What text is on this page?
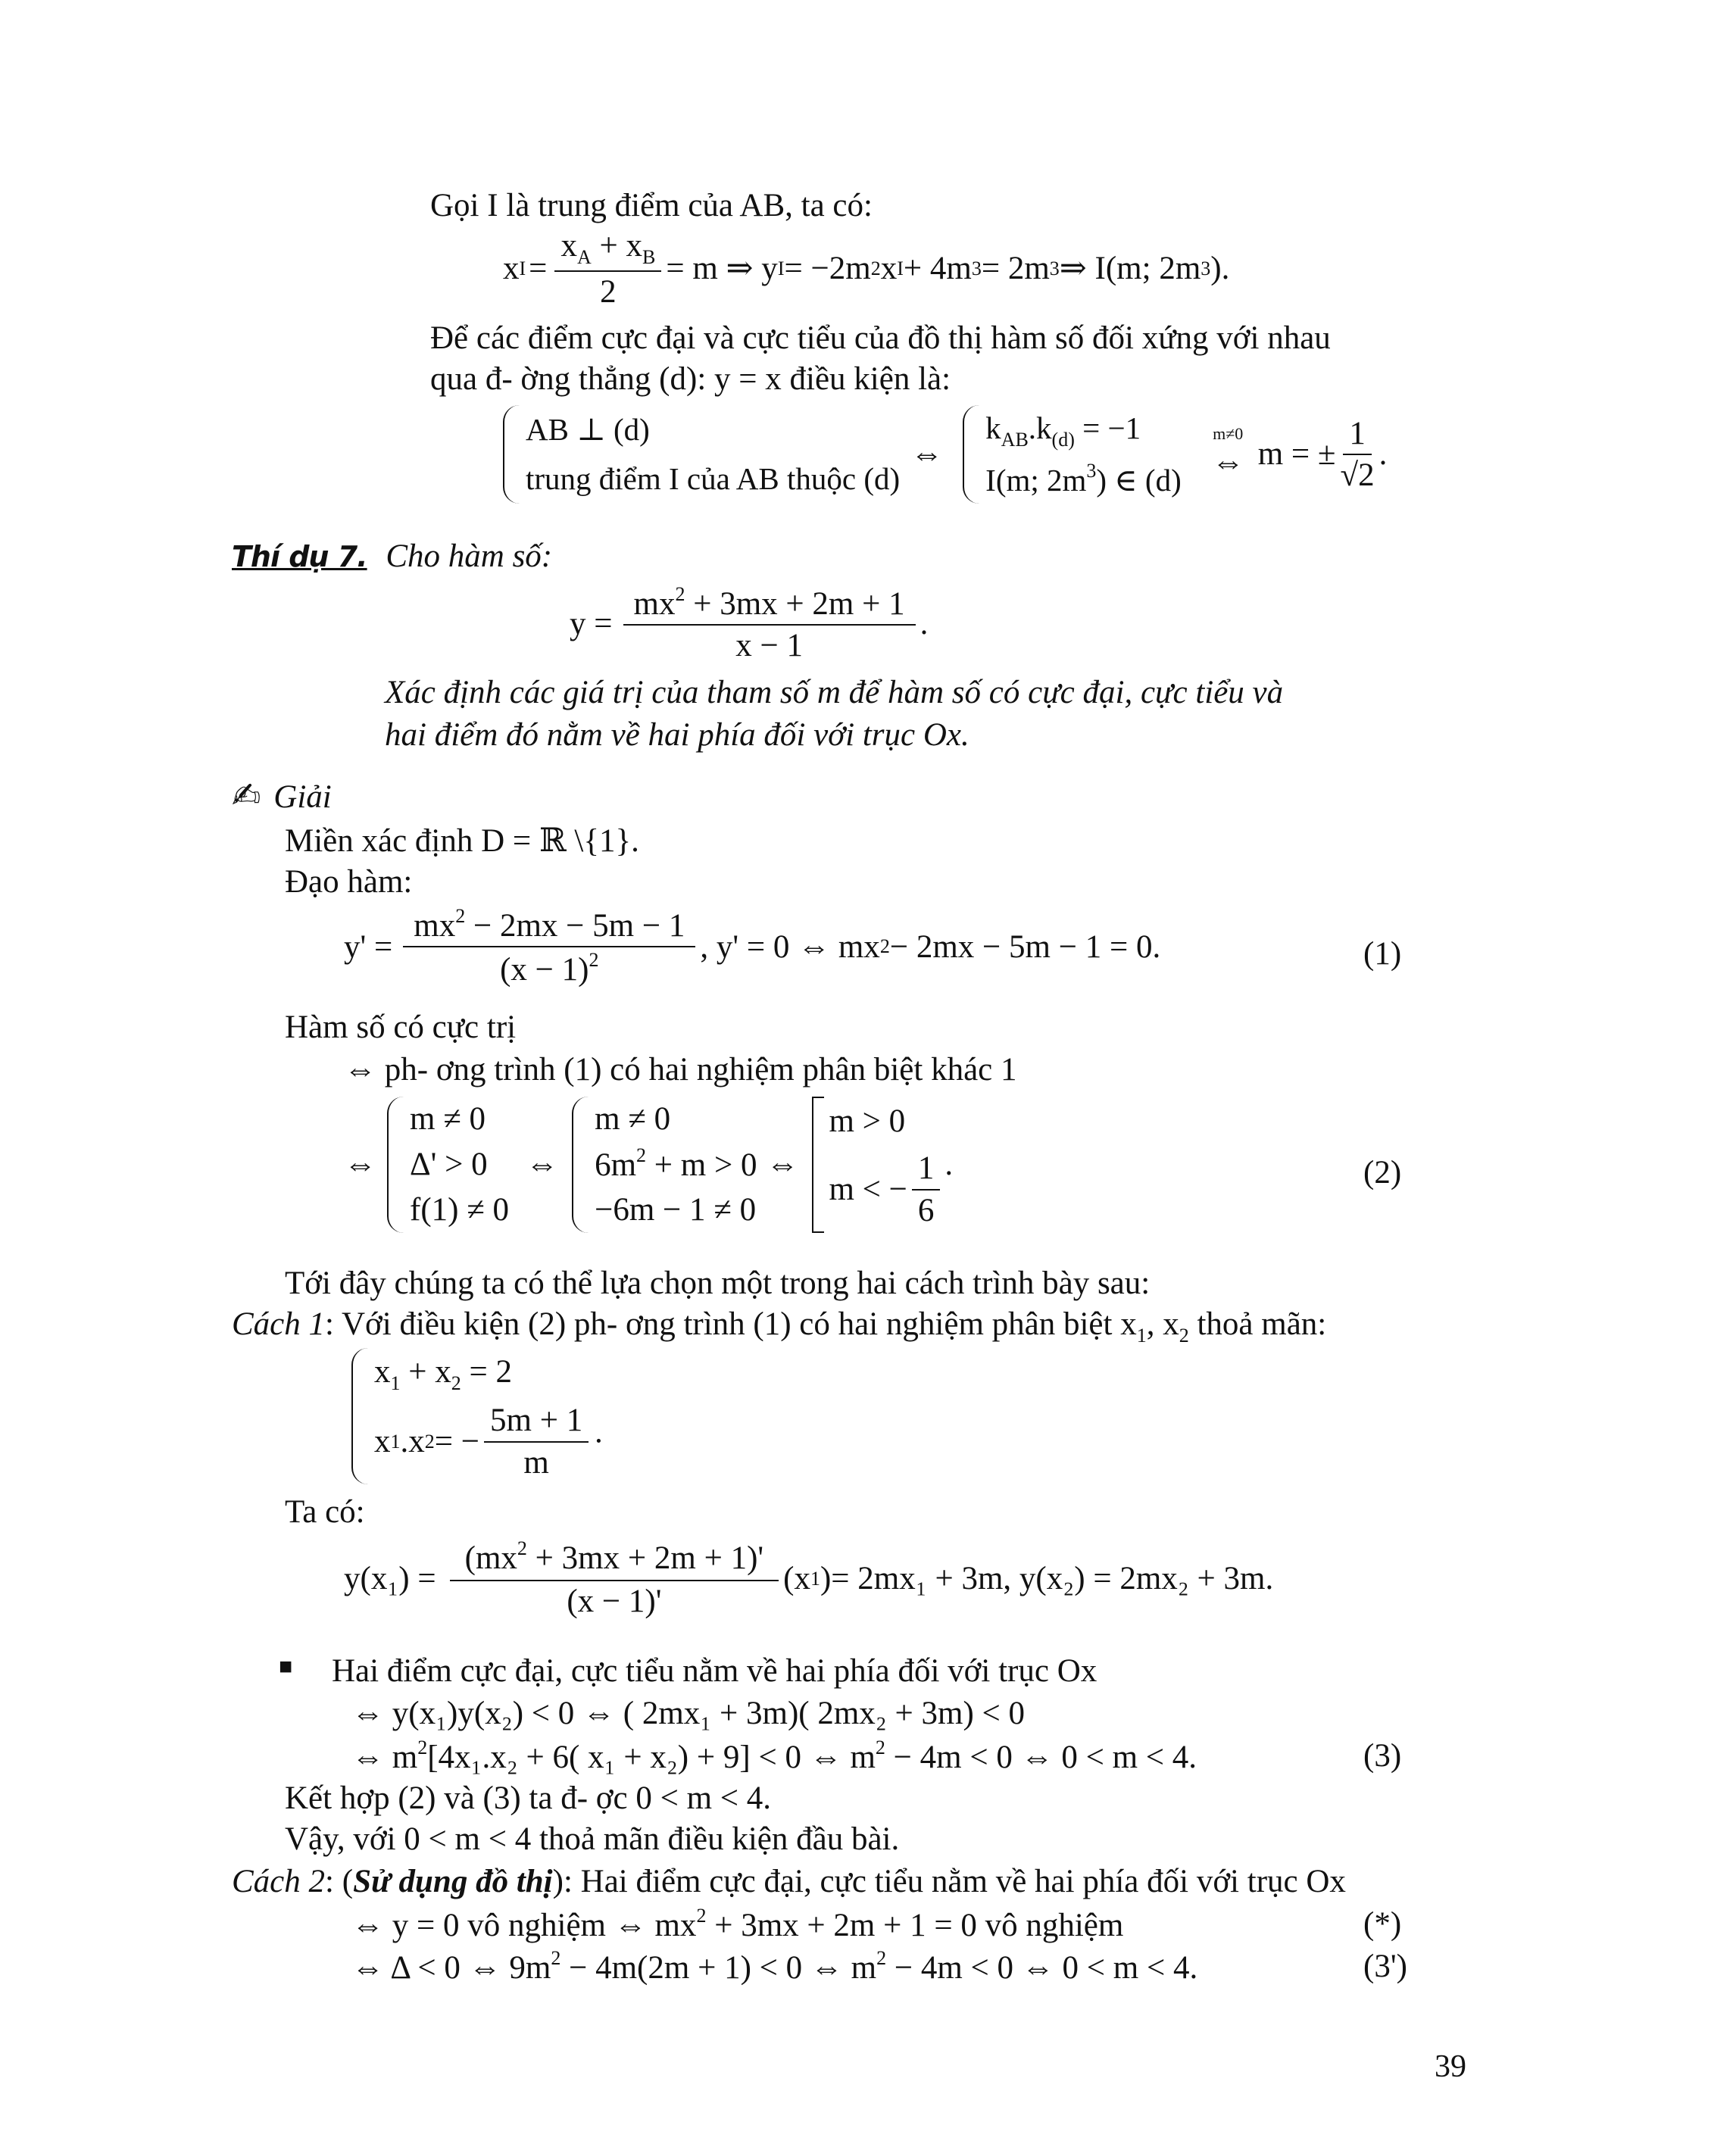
Gọi I là trung điểm của AB, ta có:
x $I = \frac{x_A + x_B}{2} = m$ ⇒ y I = −2m 2 x I + 4m 3 = 2m 3 ⇒ I(m; 2m 3 ).
Để các điểm cực đại và cực tiểu của đồ thị hàm số đối xứng với nhau
qua đ- ờng thẳng (d): y = x điều kiện là:
AB ⊥ (d)
trung điểm I của AB thuộc (d)
⇔
$k_{AB}.k_{(d)} = -1$
I(m; $2m^3$) ∈ (d)
m≠0
⇔ m = ± $\frac{1}{√2}$ .
Thí dụ 7. Cho hàm số:
$y = \frac{mx^2 + 3mx + 2m + 1}{x - 1}$ .
Xác định các giá trị của tham số m để hàm số có cực đại, cực tiểu và
hai điểm đó nằm về hai phía đối với trục Ox.
✍ Giải
Miền xác định D = ℝ \{1}.
Đạo hàm:
$y' = \frac{mx^2 - 2mx - 5m - 1}{(x - 1)^2}$ , y' = 0 ⇔ mx 2 − 2mx − 5m − 1 = 0.	(1)
Hàm số có cực trị
⇔ ph- ơng trình (1) có hai nghiệm phân biệt khác 1
⇔
m ≠ 0
Δ' > 0
f(1) ≠ 0
⇔
m ≠ 0
$6m^2 + m > 0$
−6m − 1 ≠ 0
⇔
m > 0
m < − $\frac{1}{6}$ .	(2)
Tới đây chúng ta có thể lựa chọn một trong hai cách trình bày sau:
Cách 1: Với điều kiện (2) ph- ơng trình (1) có hai nghiệm phân biệt $x_1$, $x_2$ thoả mãn:
$x_1 + x_2 = 2$
x 1 .x 2 = − $\frac{5m + 1}{m}$ ·
Ta có:
$y(x_1) = \frac{(mx^2 + 3mx + 2m + 1)'}{(x - 1)'} (x$ 1 ) = 2mx₁ + 3m, y(x₂) = 2mx₂ + 3m.
■ Hai điểm cực đại, cực tiểu nằm về hai phía đối với trục Ox
⇔ y(x₁)y(x₂) < 0 ⇔ ( 2mx₁ + 3m)( 2mx₂ + 3m) < 0
⇔ $m^2[4x_1.x_2 + 6$( x₁ + x₂) + 9] < 0 ⇔ $m^2 - 4m < 0$ ⇔ 0 < m < 4.	(3)
Kết hợp (2) và (3) ta đ- ợc 0 < m < 4.
Vậy, với 0 < m < 4 thoả mãn điều kiện đầu bài.
Cách 2: (Sử dụng đồ thị): Hai điểm cực đại, cực tiểu nằm về hai phía đối với trục Ox
⇔ y = 0 vô nghiệm ⇔ $mx^2 + 3mx + 2m + 1 = 0$ vô nghiệm	(*)
⇔ Δ < 0 ⇔ $9m^2 - 4m(2m + 1) < 0$ ⇔ $m^2 - 4m < 0$ ⇔ 0 < m < 4.	(3')
39
